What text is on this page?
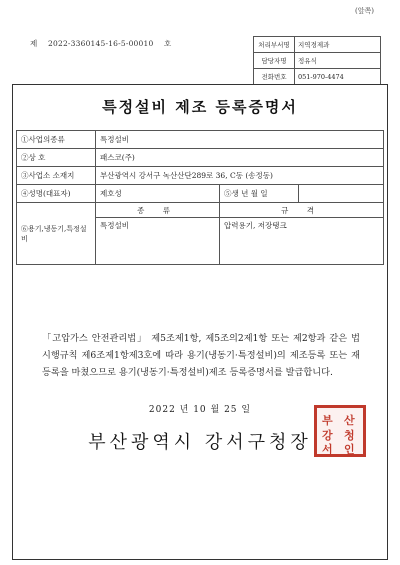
(앞쪽)
제 2022-3360145-16-5-00010 호	처리부서명	지역경제과
담당자명	정유식
전화번호	051-970-4474
특정설비 제조 등록증명서
①사업의종류	특정설비		
②상 호	패스코(주)		
③사업소 소재지	부산광역시 강서구 녹산산단289로 36, C동 (송정동)		
④성명(대표자)	제호성	⑤생 년 월 일	
⑥용기,냉동기,특정설비	종 류	규 격	
	특정설비	압력용기, 저장탱크	
「고압가스 안전관리법」 제5조제1항, 제5조의2제1항 또는 제2항과 같은 법 시행규칙 제6조제1항제3호에 따라 용기(냉동기·특정설비)의 제조등록 또는 재등록을 마쳤으므로 용기(냉동기·특정설비)제조 등록증명서를 발급합니다.
2022 년 10 월 25 일
부산광역시 강서구청장
부 산
강 청
서 인
